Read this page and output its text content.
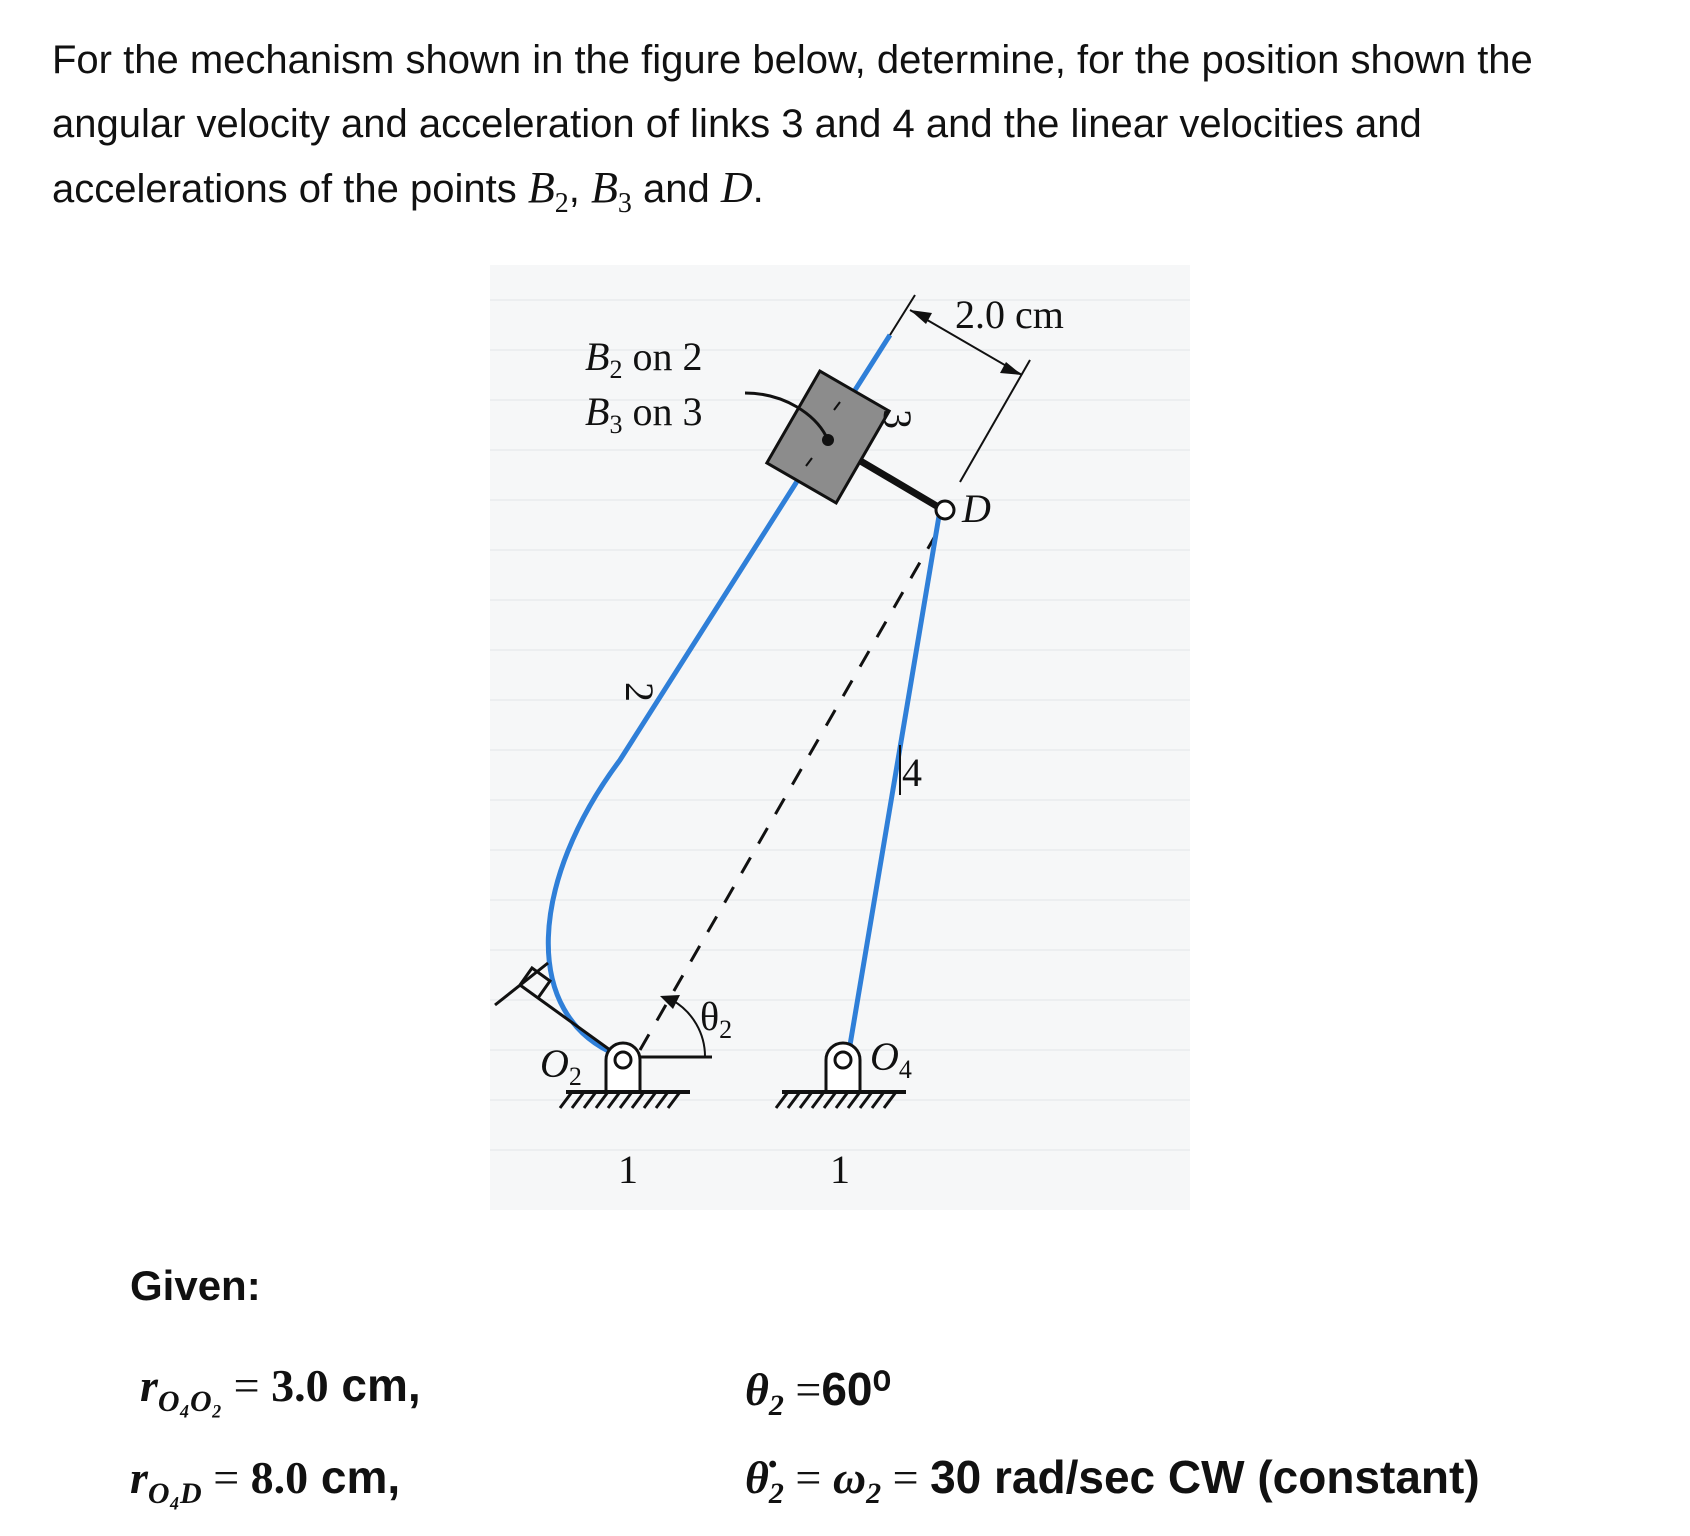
For the mechanism shown in the figure below, determine, for the position shown the angular velocity and acceleration of links 3 and 4 and the linear velocities and accelerations of the points $B_2$, $B_3$ and D.

2.0 cm
$B_2$ on 2
$B_3$ on 3	3
2
4
D
$O_2$
1
$\theta_2$
$O_4$
1

Given:

$r_{O_4O_2} = 3.0$ cm,
$r_{O_4D} = 8.0$ cm,
$\theta_2 =60^0$
$\thetȧ_2 = \omega_2 = 30$ rad/sec CW (constant)
